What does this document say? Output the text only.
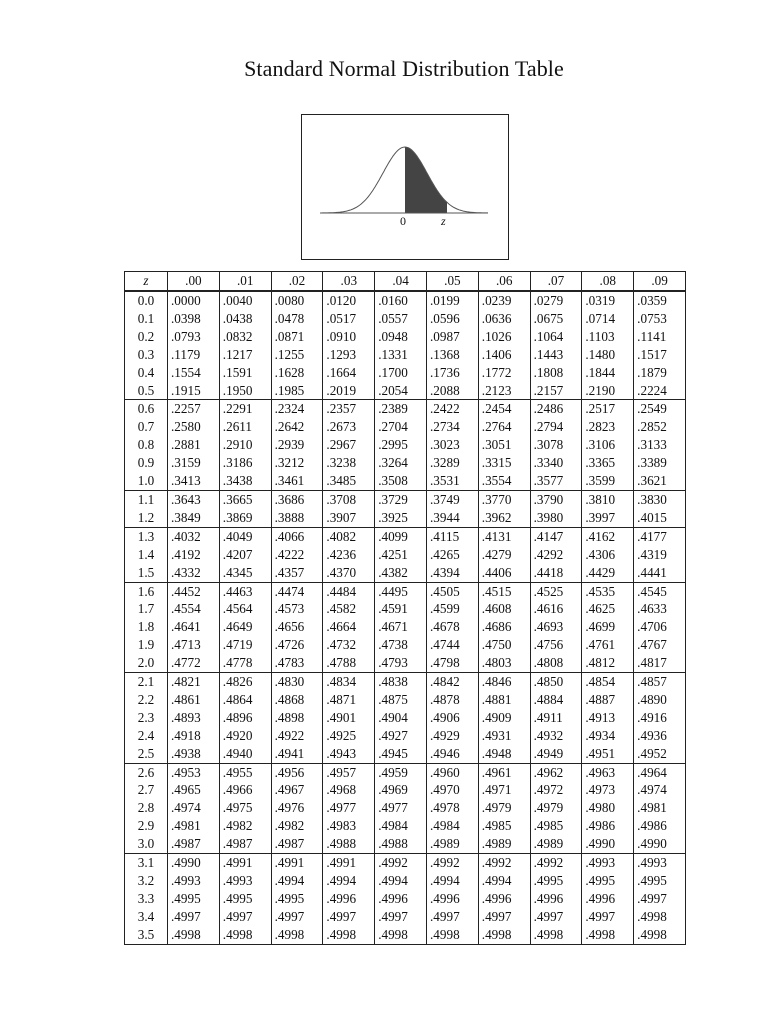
Standard Normal Distribution Table
0	z
z	.00	.01	.02	.03	.04	.05	.06	.07	.08	.09
0.0	.0000	.0040	.0080	.0120	.0160	.0199	.0239	.0279	.0319	.0359
0.1	.0398	.0438	.0478	.0517	.0557	.0596	.0636	.0675	.0714	.0753
0.2	.0793	.0832	.0871	.0910	.0948	.0987	.1026	.1064	.1103	.1141
0.3	.1179	.1217	.1255	.1293	.1331	.1368	.1406	.1443	.1480	.1517
0.4	.1554	.1591	.1628	.1664	.1700	.1736	.1772	.1808	.1844	.1879
0.5	.1915	.1950	.1985	.2019	.2054	.2088	.2123	.2157	.2190	.2224
0.6	.2257	.2291	.2324	.2357	.2389	.2422	.2454	.2486	.2517	.2549
0.7	.2580	.2611	.2642	.2673	.2704	.2734	.2764	.2794	.2823	.2852
0.8	.2881	.2910	.2939	.2967	.2995	.3023	.3051	.3078	.3106	.3133
0.9	.3159	.3186	.3212	.3238	.3264	.3289	.3315	.3340	.3365	.3389
1.0	.3413	.3438	.3461	.3485	.3508	.3531	.3554	.3577	.3599	.3621
1.1	.3643	.3665	.3686	.3708	.3729	.3749	.3770	.3790	.3810	.3830
1.2	.3849	.3869	.3888	.3907	.3925	.3944	.3962	.3980	.3997	.4015
1.3	.4032	.4049	.4066	.4082	.4099	.4115	.4131	.4147	.4162	.4177
1.4	.4192	.4207	.4222	.4236	.4251	.4265	.4279	.4292	.4306	.4319
1.5	.4332	.4345	.4357	.4370	.4382	.4394	.4406	.4418	.4429	.4441
1.6	.4452	.4463	.4474	.4484	.4495	.4505	.4515	.4525	.4535	.4545
1.7	.4554	.4564	.4573	.4582	.4591	.4599	.4608	.4616	.4625	.4633
1.8	.4641	.4649	.4656	.4664	.4671	.4678	.4686	.4693	.4699	.4706
1.9	.4713	.4719	.4726	.4732	.4738	.4744	.4750	.4756	.4761	.4767
2.0	.4772	.4778	.4783	.4788	.4793	.4798	.4803	.4808	.4812	.4817
2.1	.4821	.4826	.4830	.4834	.4838	.4842	.4846	.4850	.4854	.4857
2.2	.4861	.4864	.4868	.4871	.4875	.4878	.4881	.4884	.4887	.4890
2.3	.4893	.4896	.4898	.4901	.4904	.4906	.4909	.4911	.4913	.4916
2.4	.4918	.4920	.4922	.4925	.4927	.4929	.4931	.4932	.4934	.4936
2.5	.4938	.4940	.4941	.4943	.4945	.4946	.4948	.4949	.4951	.4952
2.6	.4953	.4955	.4956	.4957	.4959	.4960	.4961	.4962	.4963	.4964
2.7	.4965	.4966	.4967	.4968	.4969	.4970	.4971	.4972	.4973	.4974
2.8	.4974	.4975	.4976	.4977	.4977	.4978	.4979	.4979	.4980	.4981
2.9	.4981	.4982	.4982	.4983	.4984	.4984	.4985	.4985	.4986	.4986
3.0	.4987	.4987	.4987	.4988	.4988	.4989	.4989	.4989	.4990	.4990
3.1	.4990	.4991	.4991	.4991	.4992	.4992	.4992	.4992	.4993	.4993
3.2	.4993	.4993	.4994	.4994	.4994	.4994	.4994	.4995	.4995	.4995
3.3	.4995	.4995	.4995	.4996	.4996	.4996	.4996	.4996	.4996	.4997
3.4	.4997	.4997	.4997	.4997	.4997	.4997	.4997	.4997	.4997	.4998
3.5	.4998	.4998	.4998	.4998	.4998	.4998	.4998	.4998	.4998	.4998
